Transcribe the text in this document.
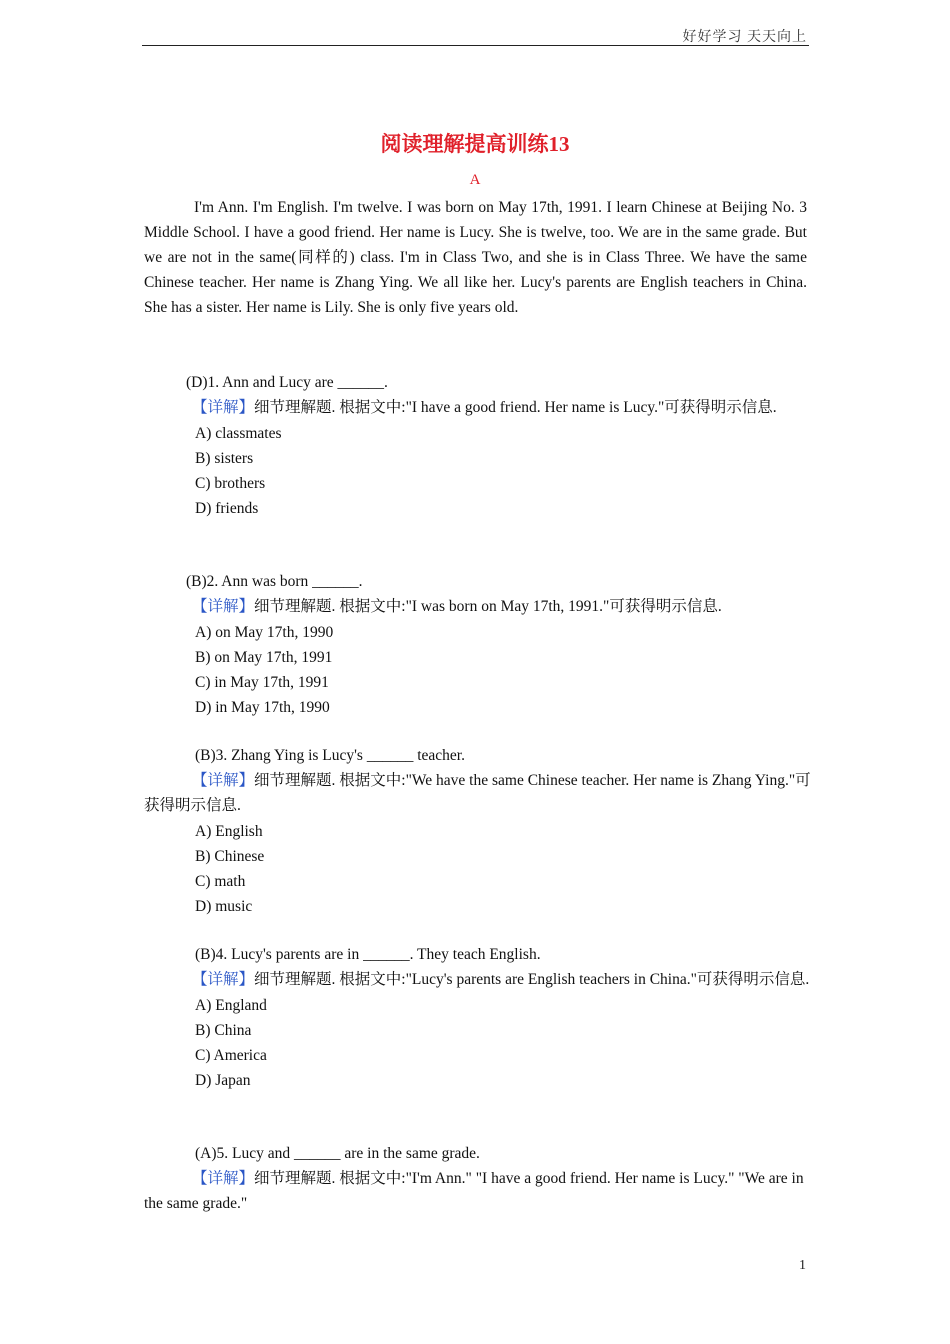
好好学习 天天向上
阅读理解提高训练13
A

I'm Ann. I'm English. I'm twelve. I was born on May 17th, 1991. I learn Chinese at Beijing No. 3 Middle School. I have a good friend. Her name is Lucy. She is twelve, too. We are in the same grade. But we are not in the same(同样的) class. I'm in Class Two, and she is in Class Three. We have the same Chinese teacher. Her name is Zhang Ying. We all like her. Lucy's parents are English teachers in China. She has a sister. Her name is Lily. She is only five years old.

(D)1. Ann and Lucy are ______.

【详解】细节理解题. 根据文中:"I have a good friend. Her name is Lucy."可获得明示信息.

A) classmates
B) sisters
C) brothers
D) friends
(B)2. Ann was born ______.

【详解】细节理解题. 根据文中:"I was born on May 17th, 1991."可获得明示信息.

A) on May 17th, 1990
B) on May 17th, 1991
C) in May 17th, 1991
D) in May 17th, 1990
(B)3. Zhang Ying is Lucy's ______ teacher.

【详解】细节理解题. 根据文中:"We have the same Chinese teacher. Her name is Zhang Ying."可获得明示信息.

A) English
B) Chinese
C) math
D) music
(B)4. Lucy's parents are in ______. They teach English.

【详解】细节理解题. 根据文中:"Lucy's parents are English teachers in China."可获得明示信息.

A) England
B) China
C) America
D) Japan
(A)5. Lucy and ______ are in the same grade.

【详解】细节理解题. 根据文中:"I'm Ann." "I have a good friend. Her name is Lucy." "We are in the same grade."

1
